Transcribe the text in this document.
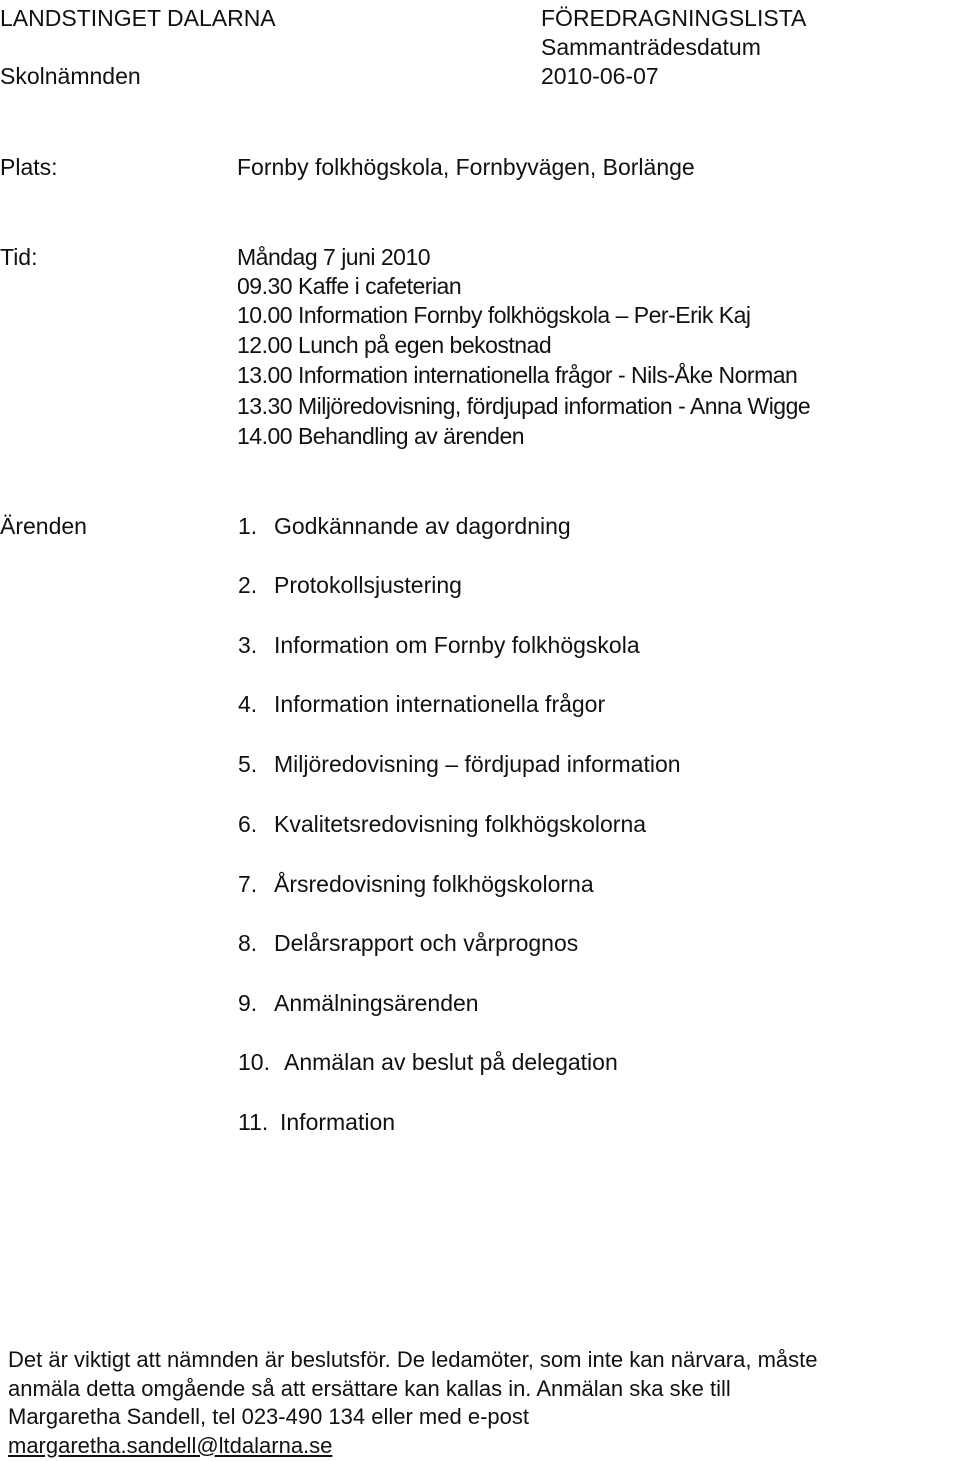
LANDSTINGET DALARNA
Skolnämnden
FÖREDRAGNINGSLISTA
Sammanträdesdatum
2010-06-07
Plats:	Fornby folkhögskola, Fornbyvägen, Borlänge
Tid:	Måndag 7 juni 2010
09.30 Kaffe i cafeterian
10.00 Information Fornby folkhögskola – Per-Erik Kaj
12.00 Lunch på egen bekostnad
13.00 Information internationella frågor - Nils-Åke Norman
13.30 Miljöredovisning, fördjupad information - Anna Wigge
14.00 Behandling av ärenden
Ärenden	1. Godkännande av dagordning
2. Protokollsjustering
3. Information om Fornby folkhögskola
4. Information internationella frågor
5. Miljöredovisning – fördjupad information
6. Kvalitetsredovisning folkhögskolorna
7. Årsredovisning folkhögskolorna
8. Delårsrapport och vårprognos
9. Anmälningsärenden
10. Anmälan av beslut på delegation
11. Information
Det är viktigt att nämnden är beslutsför. De ledamöter, som inte kan närvara, måste
anmäla detta omgående så att ersättare kan kallas in. Anmälan ska ske till
Margaretha Sandell, tel 023-490 134 eller med e-post
margaretha.sandell@ltdalarna.se
